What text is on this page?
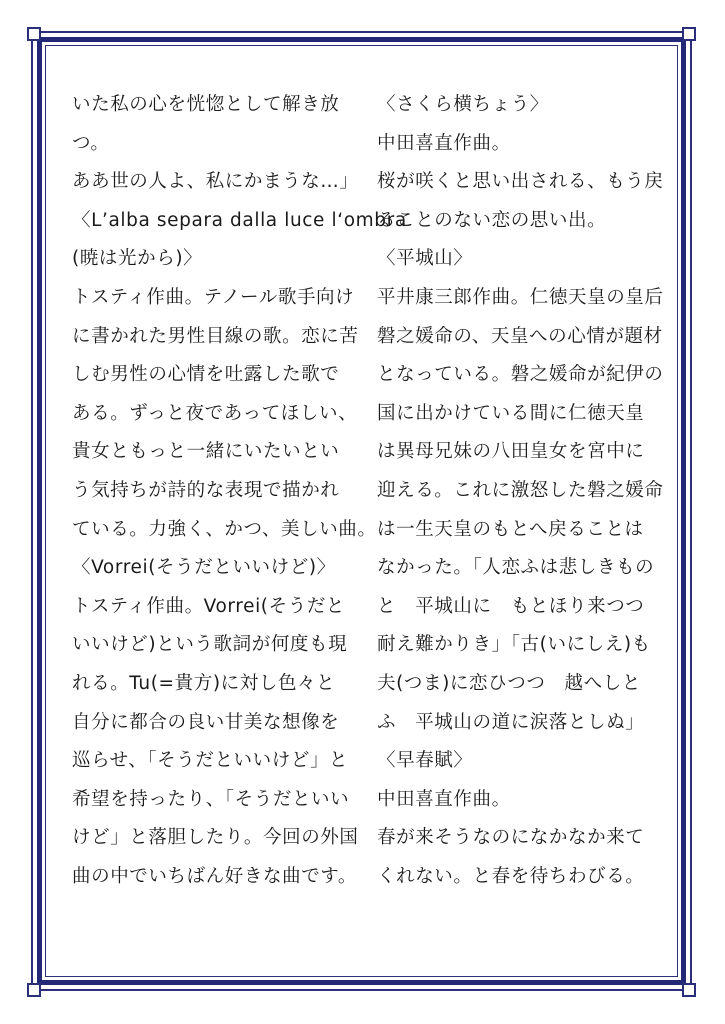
いた私の心を恍惚として解き放
つ。
ああ世の人よ、私にかまうな…」
〈L’alba separa dalla luce l‘ombra
(暁は光から)〉
トスティ作曲。テノール歌手向け
に書かれた男性目線の歌。恋に苦
しむ男性の心情を吐露した歌で
ある。ずっと夜であってほしい、
貴女ともっと一緒にいたいとい
う気持ちが詩的な表現で描かれ
ている。力強く、かつ、美しい曲。
〈Vorrei(そうだといいけど)〉
トスティ作曲。Vorrei(そうだと
いいけど)という歌詞が何度も現
れる。Tu(=貴方)に対し色々と
自分に都合の良い甘美な想像を
巡らせ、「そうだといいけど」と
希望を持ったり、「そうだといい
けど」と落胆したり。今回の外国
曲の中でいちばん好きな曲です。
〈さくら横ちょう〉
中田喜直作曲。
桜が咲くと思い出される、もう戻
ることのない恋の思い出。
〈平城山〉
平井康三郎作曲。仁徳天皇の皇后
磐之媛命の、天皇への心情が題材
となっている。磐之媛命が紀伊の
国に出かけている間に仁徳天皇
は異母兄妹の八田皇女を宮中に
迎える。これに激怒した磐之媛命
は一生天皇のもとへ戻ることは
なかった。「人恋ふは悲しきもの
と　平城山に　もとほり来つつ
耐え難かりき」「古(いにしえ)も
夫(つま)に恋ひつつ　越へしと
ふ　平城山の道に涙落としぬ」
〈早春賦〉
中田喜直作曲。
春が来そうなのになかなか来て
くれない。と春を待ちわびる。
